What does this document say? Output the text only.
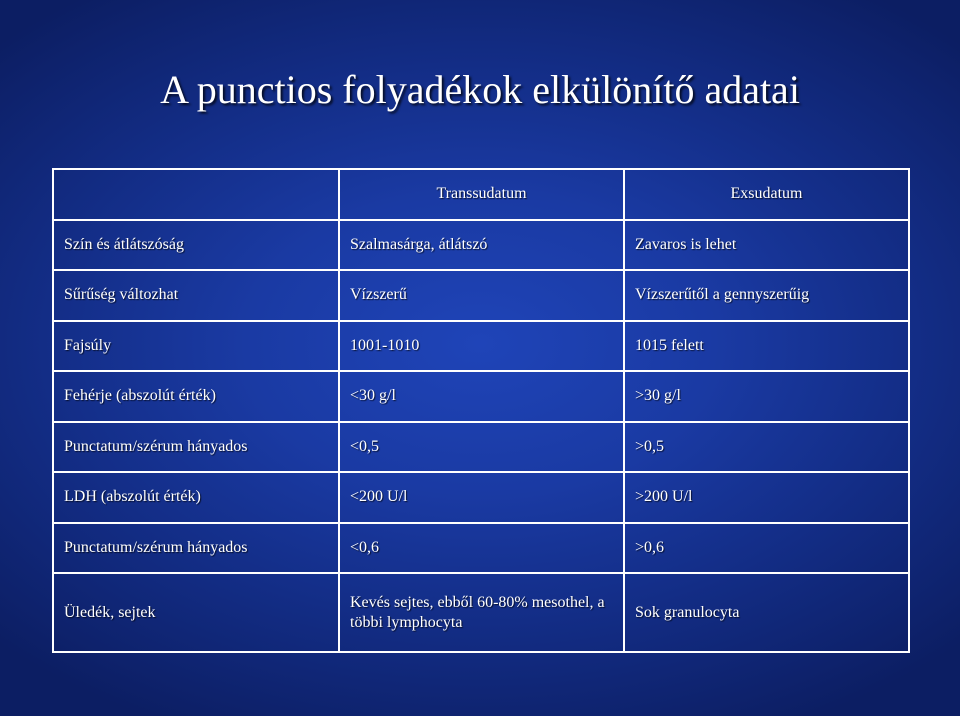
A punctios folyadékok elkülönítő adatai
	Transsudatum	Exsudatum
Szín és átlátszóság	Szalmasárga, átlátszó	Zavaros is lehet
Sűrűség változhat	Vízszerű	Vízszerűtől a gennyszerűig
Fajsúly	1001-1010	1015 felett
Fehérje (abszolút érték)	<30 g/l	>30 g/l
Punctatum/szérum hányados	<0,5	>0,5
LDH (abszolút érték)	<200 U/l	>200 U/l
Punctatum/szérum hányados	<0,6	>0,6
Üledék, sejtek	Kevés sejtes, ebből 60-80% mesothel, a többi lymphocyta	Sok granulocyta
